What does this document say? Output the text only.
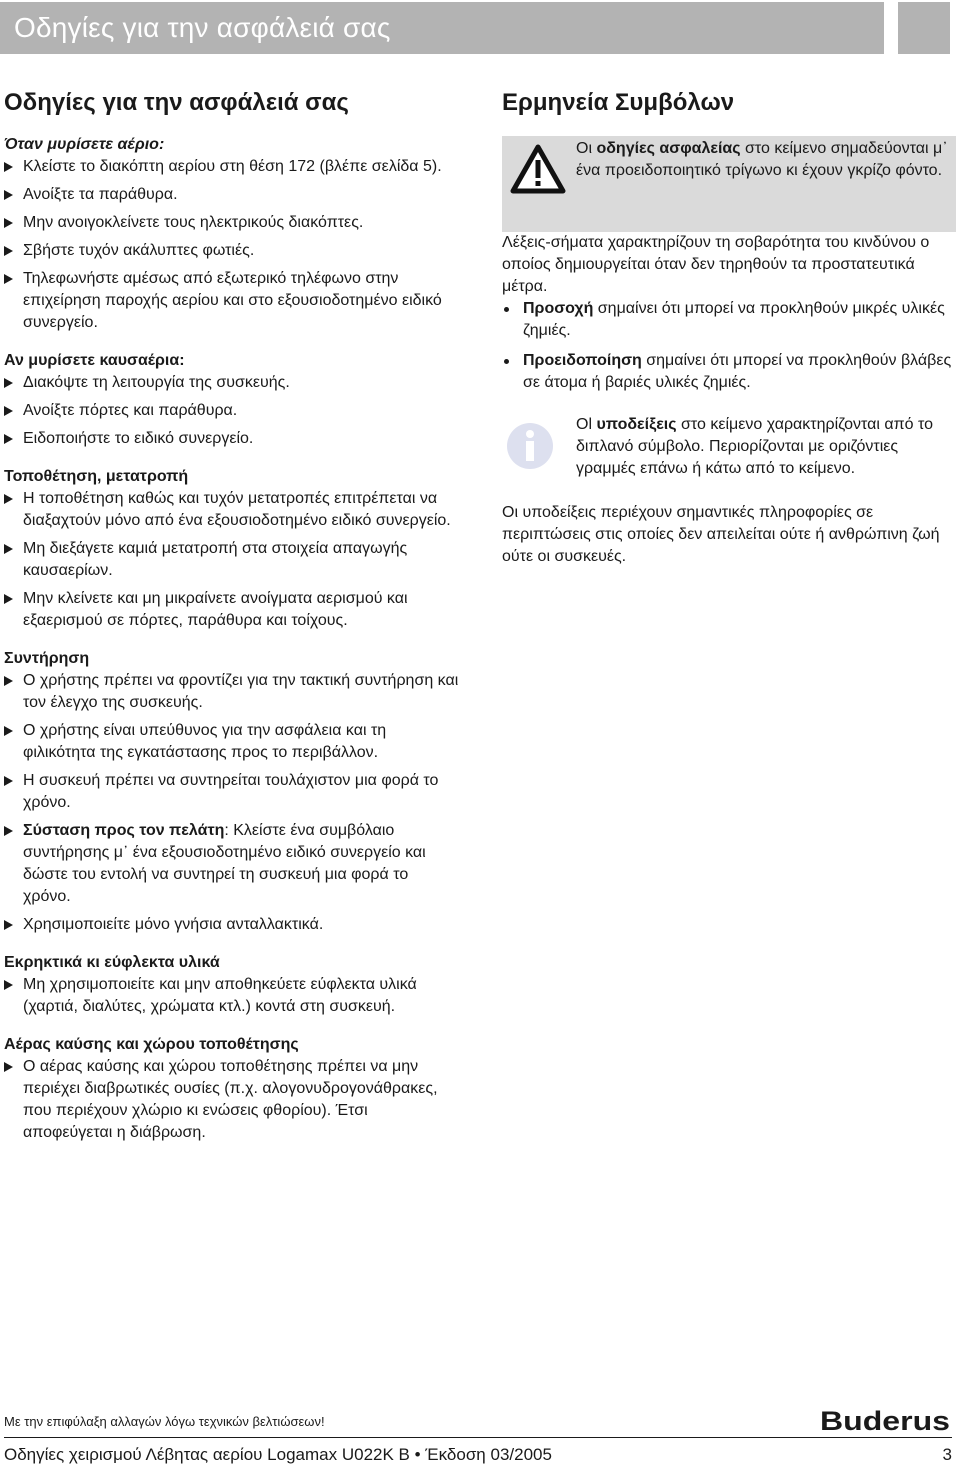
Οδηγίες για την ασφάλειά σας
Οδηγίες για την ασφάλειά σας
Όταν μυρίσετε αέριο:
Κλείστε το διακόπτη αερίου στη θέση 172 (βλέπε σελίδα 5).
Ανοίξτε τα παράθυρα.
Μην ανοιγοκλείνετε τους ηλεκτρικούς διακόπτες.
Σβήστε τυχόν ακάλυπτες φωτιές.
Τηλεφωνήστε αμέσως από εξωτερικό τηλέφωνο στην επιχείρηση παροχής αερίου και στο εξουσιοδοτημένο ειδικό συνεργείο.
Αν μυρίσετε καυσαέρια:
Διακόψτε τη λειτουργία της συσκευής.
Ανοίξτε πόρτες και παράθυρα.
Ειδοποιήστε το ειδικό συνεργείο.
Τοποθέτηση, μετατροπή
Η τοποθέτηση καθώς και τυχόν μετατροπές επιτρέπεται να διαξαχτούν μόνο από ένα εξουσιοδοτημένο ειδικό συνεργείο.
Μη διεξάγετε καμιά μετατροπή στα στοιχεία απαγωγής καυσαερίων.
Μην κλείνετε και μη μικραίνετε ανοίγματα αερισμού και εξαερισμού σε πόρτες, παράθυρα και τοίχους.
Συντήρηση
Ο χρήστης πρέπει να φροντίζει για την τακτική συντήρηση και τον έλεγχο της συσκευής.
Ο χρήστης είναι υπεύθυνος για την ασφάλεια και τη φιλικότητα της εγκατάστασης προς το περιβάλλον.
Η συσκευή πρέπει να συντηρείται τουλάχιστον μια φορά το χρόνο.
Σύσταση προς τον πελάτη: Κλείστε ένα συμβόλαιο συντήρησης μ᾽ ένα εξουσιοδοτημένο ειδικό συνεργείο και δώστε του εντολή να συντηρεί τη συσκευή μια φορά το χρόνο.
Χρησιμοποιείτε μόνο γνήσια ανταλλακτικά.
Εκρηκτικά κι εύφλεκτα υλικά
Μη χρησιμοποιείτε και μην αποθηκεύετε εύφλεκτα υλικά (χαρτιά, διαλύτες, χρώματα κτλ.) κοντά στη συσκευή.
Αέρας καύσης και χώρου τοποθέτησης
Ο αέρας καύσης και χώρου τοποθέτησης πρέπει να μην περιέχει διαβρωτικές ουσίες (π.χ. αλογονυδρογονάθρακες, που περιέχουν χλώριο κι ενώσεις φθορίου). Έτσι αποφεύγεται η διάβρωση.
Ερμηνεία Συμβόλων
Οι οδηγίες ασφαλείας στο κείμενο σημαδεύονται μ᾽ ένα προειδοποιητικό τρίγωνο κι έχουν γκρίζο φόντο.

Λέξεις-σήματα χαρακτηρίζουν τη σοβαρότητα του κινδύνου ο οποίος δημιουργείται όταν δεν τηρηθούν τα προστατευτικά μέτρα.

Προσοχή σημαίνει ότι μπορεί να προκληθούν μικρές υλικές ζημιές.
Προειδοποίηση σημαίνει ότι μπορεί να προκληθούν βλάβες σε άτομα ή βαριές υλικές ζημιές.
Ol υποδείξεις στο κείμενο χαρακτηρίζονται από το διπλανό σύμβολο. Περιορίζονται με οριζόντιες γραμμές επάνω ή κάτω από το κείμενο.

Οι υποδείξεις περιέχουν σημαντικές πληροφορίες σε περιπτώσεις στις οποίες δεν απειλείται ούτε ή ανθρώπινη ζωή ούτε οι συσκευές.

Με την επιφύλαξη αλλαγών λόγω τεχνικών βελτιώσεων!	Buderus
Οδηγίες χειρισμού Λέβητας αερίου Logamax U022K B • Έκδοση 03/2005	3
